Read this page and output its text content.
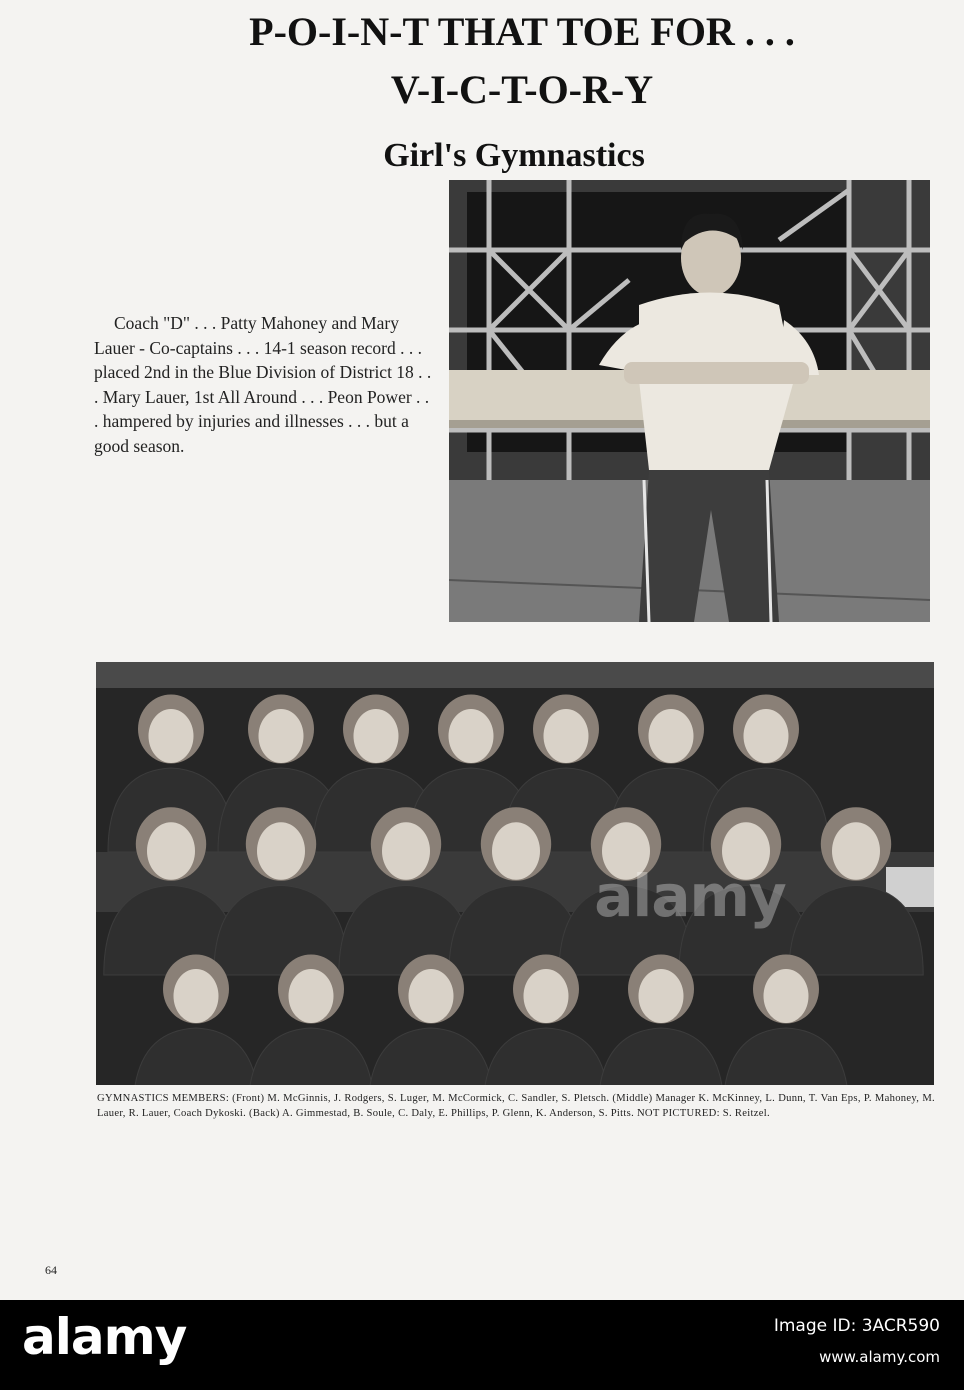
P-O-I-N-T THAT TOE FOR . . .
V-I-C-T-O-R-Y
Girl's Gymnastics

Coach "D" . . . Patty Mahoney and Mary Lauer - Co-captains . . . 14-1 season record . . . placed 2nd in the Blue Division of District 18 . . . Mary Lauer, 1st All Around . . . Peon Power . . . hampered by injuries and illnesses . . . but a good season.

alamy

GYMNASTICS MEMBERS: (Front) M. McGinnis, J. Rodgers, S. Luger, M. McCormick, C. Sandler, S. Pletsch. (Middle) Manager K. McKinney, L. Dunn, T. Van Eps, P. Mahoney, M. Lauer, R. Lauer, Coach Dykoski. (Back) A. Gimmestad, B. Soule, C. Daly, E. Phillips, P. Glenn, K. Anderson, S. Pitts. NOT PICTURED: S. Reitzel.

64
alamy	Image ID: 3ACR590
www.alamy.com
